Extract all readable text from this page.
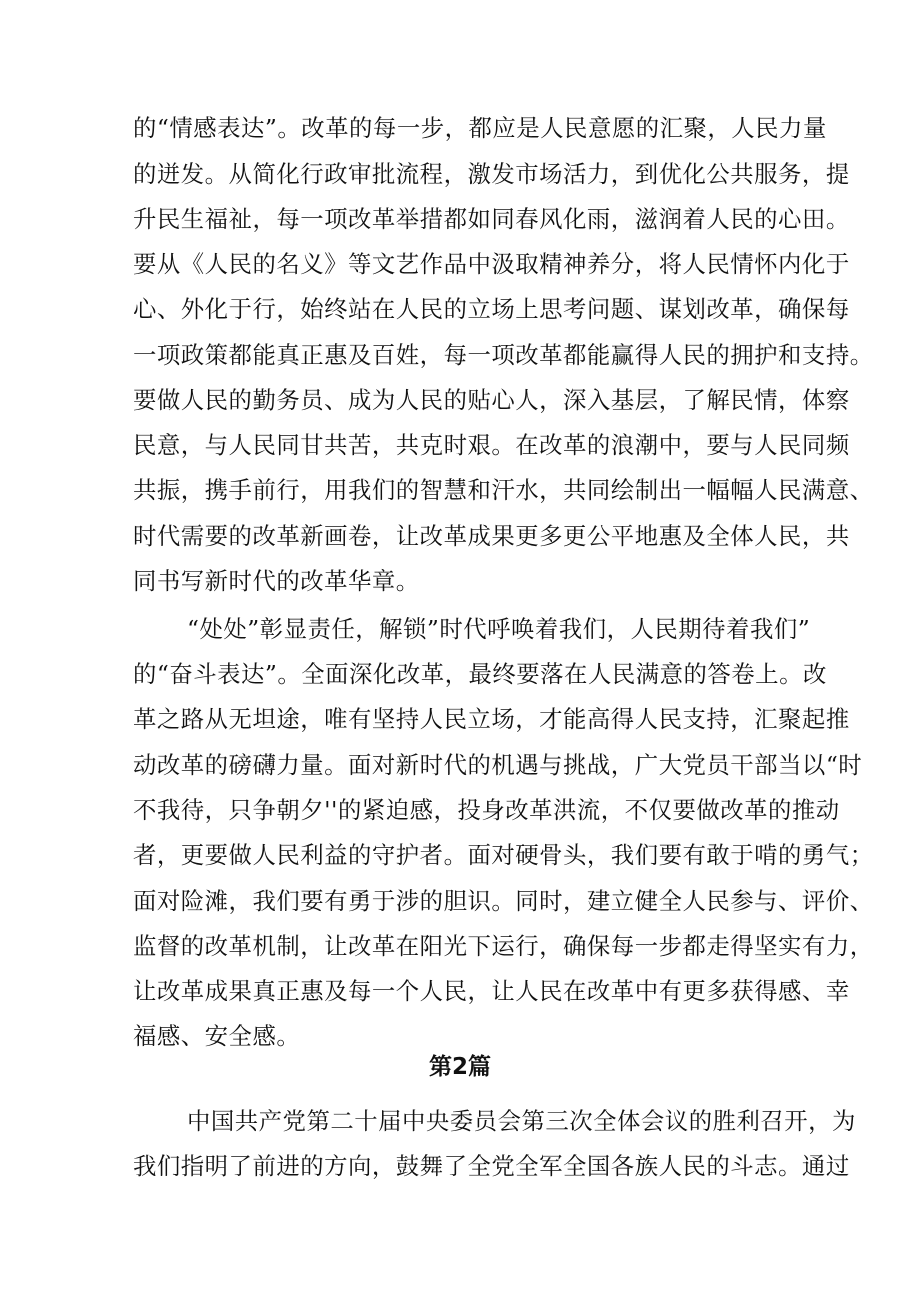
的“情感表达”。改革的每一步，都应是人民意愿的汇聚，人民力量
的迸发。从简化行政审批流程，激发市场活力，到优化公共服务，提
升民生福祉，每一项改革举措都如同春风化雨，滋润着人民的心田。
要从《人民的名义》等文艺作品中汲取精神养分，将人民情怀内化于
心、外化于行，始终站在人民的立场上思考问题、谋划改革，确保每
一项政策都能真正惠及百姓，每一项改革都能赢得人民的拥护和支持。
要做人民的勤务员、成为人民的贴心人，深入基层，了解民情，体察
民意，与人民同甘共苦，共克时艰。在改革的浪潮中，要与人民同频
共振，携手前行，用我们的智慧和汗水，共同绘制出一幅幅人民满意、
时代需要的改革新画卷，让改革成果更多更公平地惠及全体人民，共
同书写新时代的改革华章。
“处处”彰显责任，解锁”时代呼唤着我们，人民期待着我们”
的“奋斗表达”。全面深化改革，最终要落在人民满意的答卷上。改
革之路从无坦途，唯有坚持人民立场，才能高得人民支持，汇聚起推
动改革的磅礴力量。面对新时代的机遇与挑战，广大党员干部当以“时
不我待，只争朝夕''的紧迫感，投身改革洪流，不仅要做改革的推动
者，更要做人民利益的守护者。面对硬骨头，我们要有敢于啃的勇气；
面对险滩，我们要有勇于涉的胆识。同时，建立健全人民参与、评价、
监督的改革机制，让改革在阳光下运行，确保每一步都走得坚实有力，
让改革成果真正惠及每一个人民，让人民在改革中有更多获得感、幸
福感、安全感。
第2篇
中国共产党第二十届中央委员会第三次全体会议的胜利召开，为
我们指明了前进的方向，鼓舞了全党全军全国各族人民的斗志。通过
